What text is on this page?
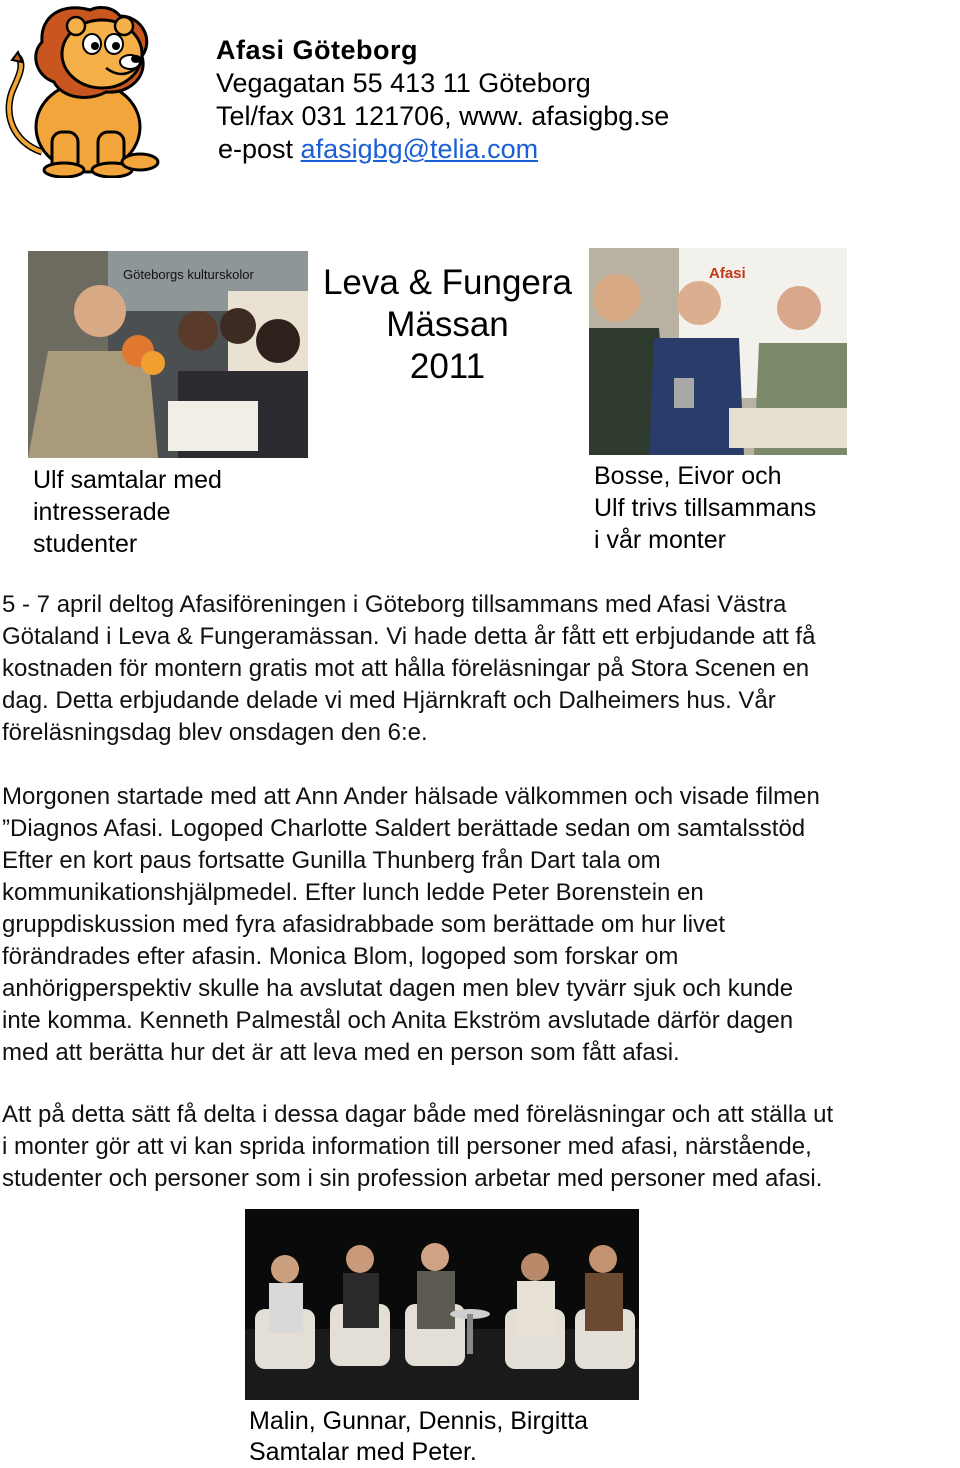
Afasi Göteborg
Vegagatan 55 413 11 Göteborg
Tel/fax 031 121706, www. afasigbg.se
e-post afasigbg@telia.com
Göteborgs kulturskolor	Leva & Fungera
Mässan
2011
Afasi
Ulf samtalar med
intresserade
studenter
Bosse, Eivor och
Ulf trivs tillsammans
i vår monter
5 - 7 april deltog Afasiföreningen i Göteborg tillsammans med Afasi Västra
Götaland i Leva & Fungeramässan. Vi hade detta år fått ett erbjudande att få
kostnaden för montern gratis mot att hålla föreläsningar på Stora Scenen en
dag. Detta erbjudande delade vi med Hjärnkraft och Dalheimers hus. Vår
föreläsningsdag blev onsdagen den 6:e.
Morgonen startade med att Ann Ander hälsade välkommen och visade filmen
”Diagnos Afasi. Logoped Charlotte Saldert berättade sedan om samtalsstöd
Efter en kort paus fortsatte Gunilla Thunberg från Dart tala om
kommunikationshjälpmedel. Efter lunch ledde Peter Borenstein en
gruppdiskussion med fyra afasidrabbade som berättade om hur livet
förändrades efter afasin. Monica Blom, logoped som forskar om
anhörigperspektiv skulle ha avslutat dagen men blev tyvärr sjuk och kunde
inte komma. Kenneth Palmestål och Anita Ekström avslutade därför dagen
med att berätta hur det är att leva med en person som fått afasi.
Att på detta sätt få delta i dessa dagar både med föreläsningar och att ställa ut
i monter gör att vi kan sprida information till personer med afasi, närstående,
studenter och personer som i sin profession arbetar med personer med afasi.
Malin, Gunnar, Dennis, Birgitta
Samtalar med Peter.
